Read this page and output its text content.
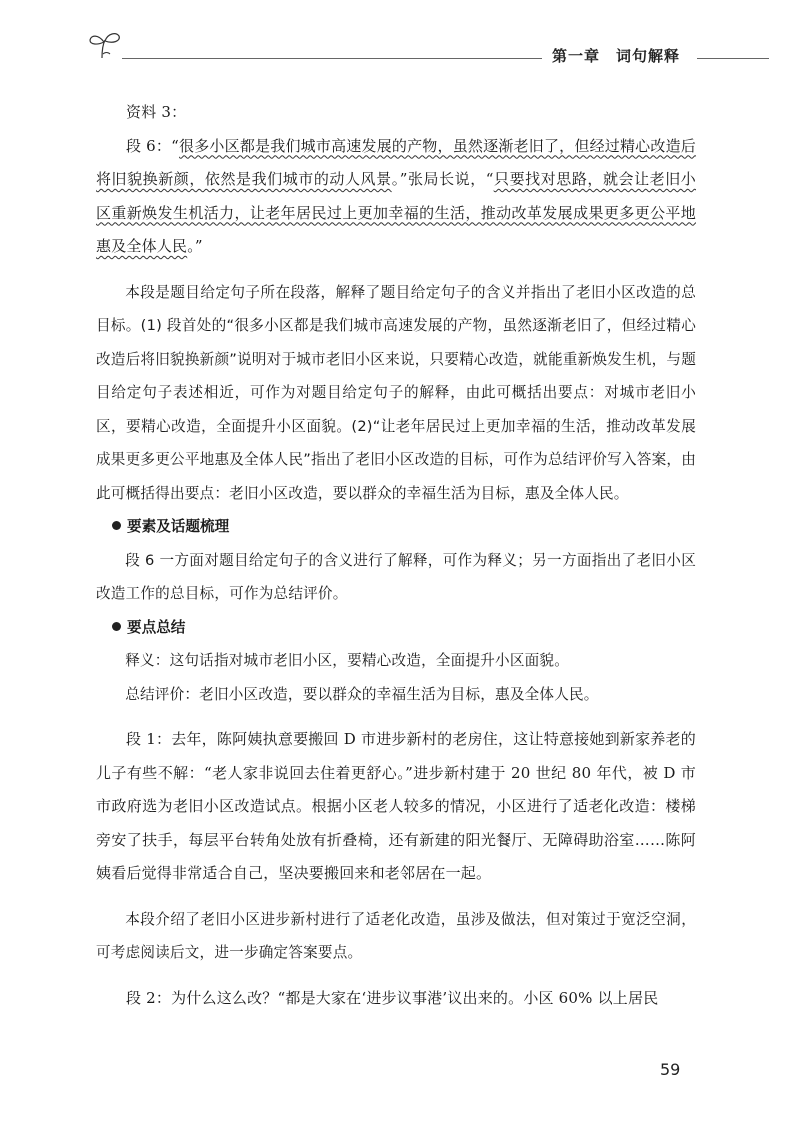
第一章　词句解释

资料 3：

段 6：“很多小区都是我们城市高速发展的产物，虽然逐渐老旧了，但经过精心改造后将旧貌换新颜，依然是我们城市的动人风景。”张局长说，“只要找对思路，就会让老旧小区重新焕发生机活力，让老年居民过上更加幸福的生活，推动改革发展成果更多更公平地惠及全体人民。”

本段是题目给定句子所在段落，解释了题目给定句子的含义并指出了老旧小区改造的总目标。(1) 段首处的“很多小区都是我们城市高速发展的产物，虽然逐渐老旧了，但经过精心改造后将旧貌换新颜”说明对于城市老旧小区来说，只要精心改造，就能重新焕发生机，与题目给定句子表述相近，可作为对题目给定句子的解释，由此可概括出要点：对城市老旧小区，要精心改造，全面提升小区面貌。(2)“让老年居民过上更加幸福的生活，推动改革发展成果更多更公平地惠及全体人民”指出了老旧小区改造的目标，可作为总结评价写入答案，由此可概括得出要点：老旧小区改造，要以群众的幸福生活为目标，惠及全体人民。

要素及话题梳理

段 6 一方面对题目给定句子的含义进行了解释，可作为释义；另一方面指出了老旧小区改造工作的总目标，可作为总结评价。

要点总结

释义：这句话指对城市老旧小区，要精心改造，全面提升小区面貌。

总结评价：老旧小区改造，要以群众的幸福生活为目标，惠及全体人民。

段 1：去年，陈阿姨执意要搬回 D 市进步新村的老房住，这让特意接她到新家养老的儿子有些不解：“老人家非说回去住着更舒心。”进步新村建于 20 世纪 80 年代，被 D 市市政府选为老旧小区改造试点。根据小区老人较多的情况，小区进行了适老化改造：楼梯旁安了扶手，每层平台转角处放有折叠椅，还有新建的阳光餐厅、无障碍助浴室……陈阿姨看后觉得非常适合自己，坚决要搬回来和老邻居在一起。

本段介绍了老旧小区进步新村进行了适老化改造，虽涉及做法，但对策过于宽泛空洞，可考虑阅读后文，进一步确定答案要点。

段 2：为什么这么改？“都是大家在‘进步议事港’议出来的。小区 60% 以上居民

59
